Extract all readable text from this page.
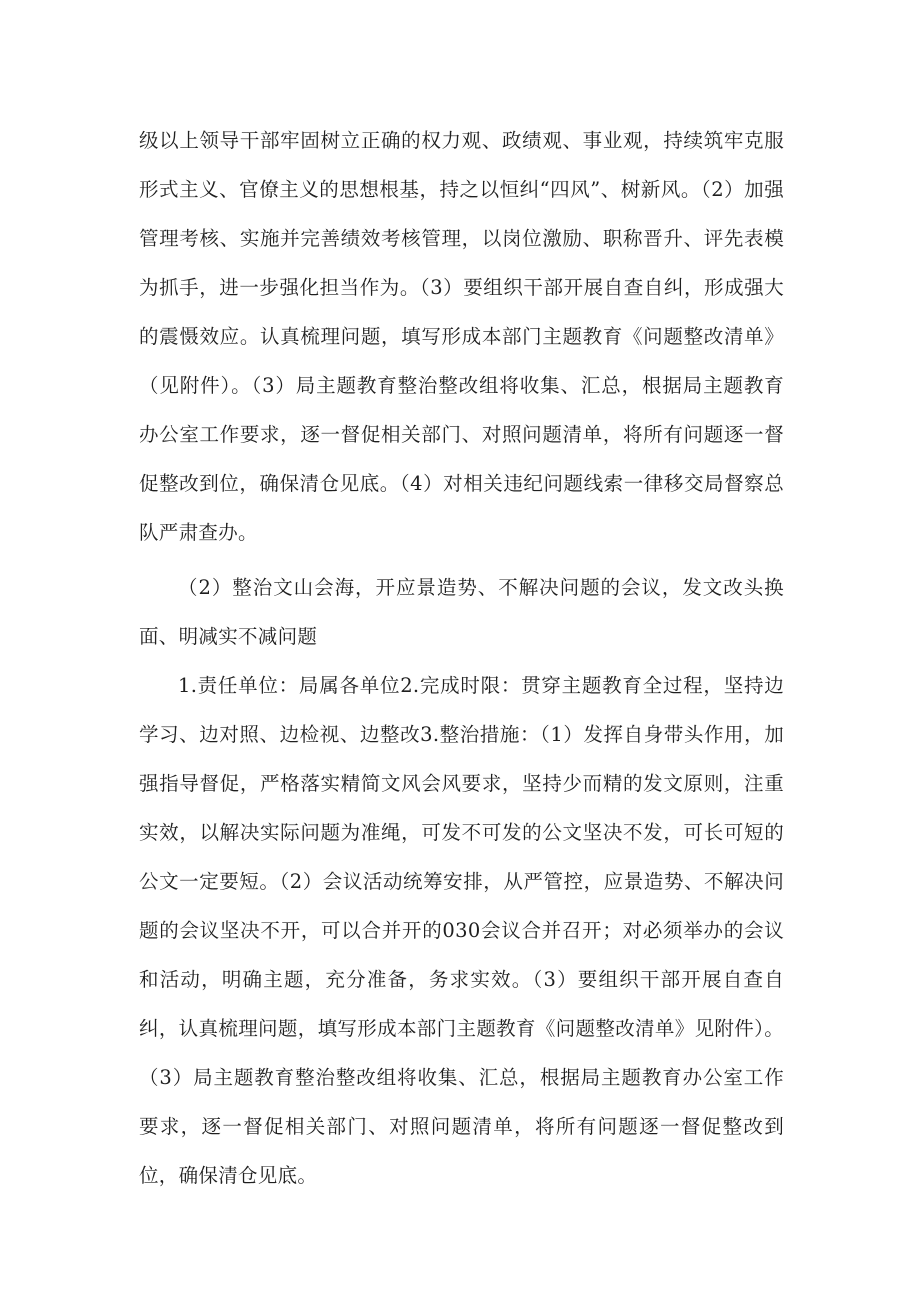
级以上领导干部牢固树立正确的权力观、政绩观、事业观，持续筑牢克服形式主义、官僚主义的思想根基，持之以恒纠“四风”、树新风。（2）加强管理考核、实施并完善绩效考核管理，以岗位激励、职称晋升、评先表模为抓手，进一步强化担当作为。（3）要组织干部开展自查自纠，形成强大的震慑效应。认真梳理问题，填写形成本部门主题教育《问题整改清单》（见附件）。（3）局主题教育整治整改组将收集、汇总，根据局主题教育办公室工作要求，逐一督促相关部门、对照问题清单，将所有问题逐一督促整改到位，确保清仓见底。（4）对相关违纪问题线索一律移交局督察总队严肃查办。

（2）整治文山会海，开应景造势、不解决问题的会议，发文改头换面、明减实不减问题

1.责任单位：局属各单位2.完成时限：贯穿主题教育全过程，坚持边学习、边对照、边检视、边整改3.整治措施：（1）发挥自身带头作用，加强指导督促，严格落实精简文风会风要求，坚持少而精的发文原则，注重实效，以解决实际问题为准绳，可发不可发的公文坚决不发，可长可短的公文一定要短。（2）会议活动统筹安排，从严管控，应景造势、不解决问题的会议坚决不开，可以合并开的030会议合并召开；对必须举办的会议和活动，明确主题，充分准备，务求实效。（3）要组织干部开展自查自纠，认真梳理问题，填写形成本部门主题教育《问题整改清单》见附件）。（3）局主题教育整治整改组将收集、汇总，根据局主题教育办公室工作要求，逐一督促相关部门、对照问题清单，将所有问题逐一督促整改到位，确保清仓见底。
